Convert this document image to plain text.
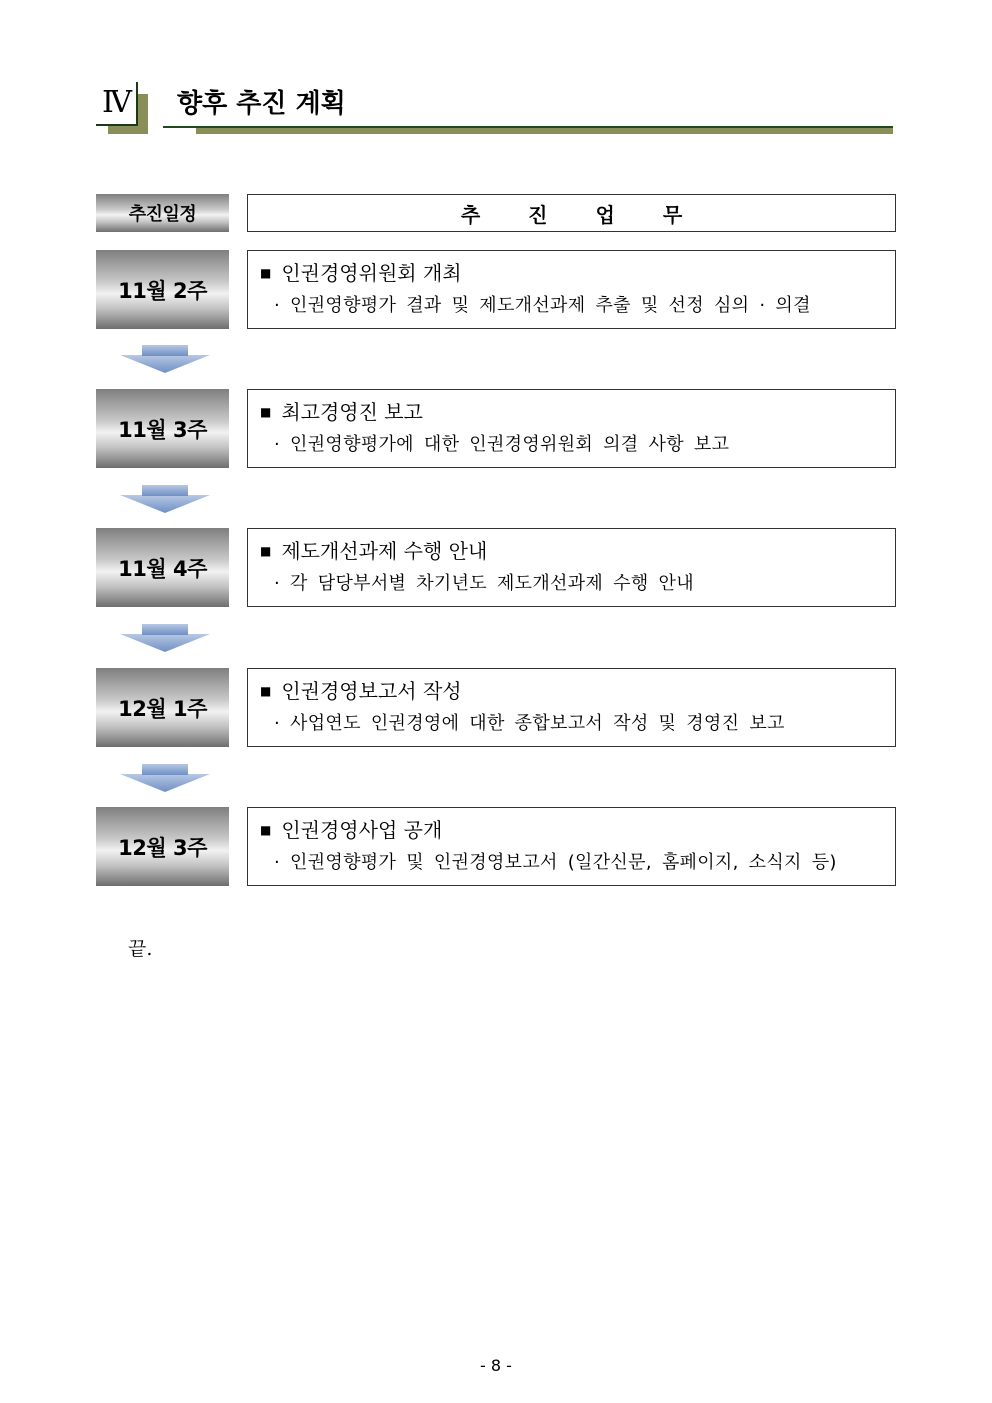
Ⅳ	향후 추진 계획
추진일정	추진업무
11월 2주
■ 인권경영위원회 개최
· 인권영향평가 결과 및 제도개선과제 추출 및 선정 심의 · 의결
11월 3주
■ 최고경영진 보고
· 인권영향평가에 대한 인권경영위원회 의결 사항 보고
11월 4주
■ 제도개선과제 수행 안내
· 각 담당부서별 차기년도 제도개선과제 수행 안내
12월 1주
■ 인권경영보고서 작성
· 사업연도 인권경영에 대한 종합보고서 작성 및 경영진 보고
12월 3주
■ 인권경영사업 공개
· 인권영향평가 및 인권경영보고서 (일간신문, 홈페이지, 소식지 등)
끝.
- 8 -
